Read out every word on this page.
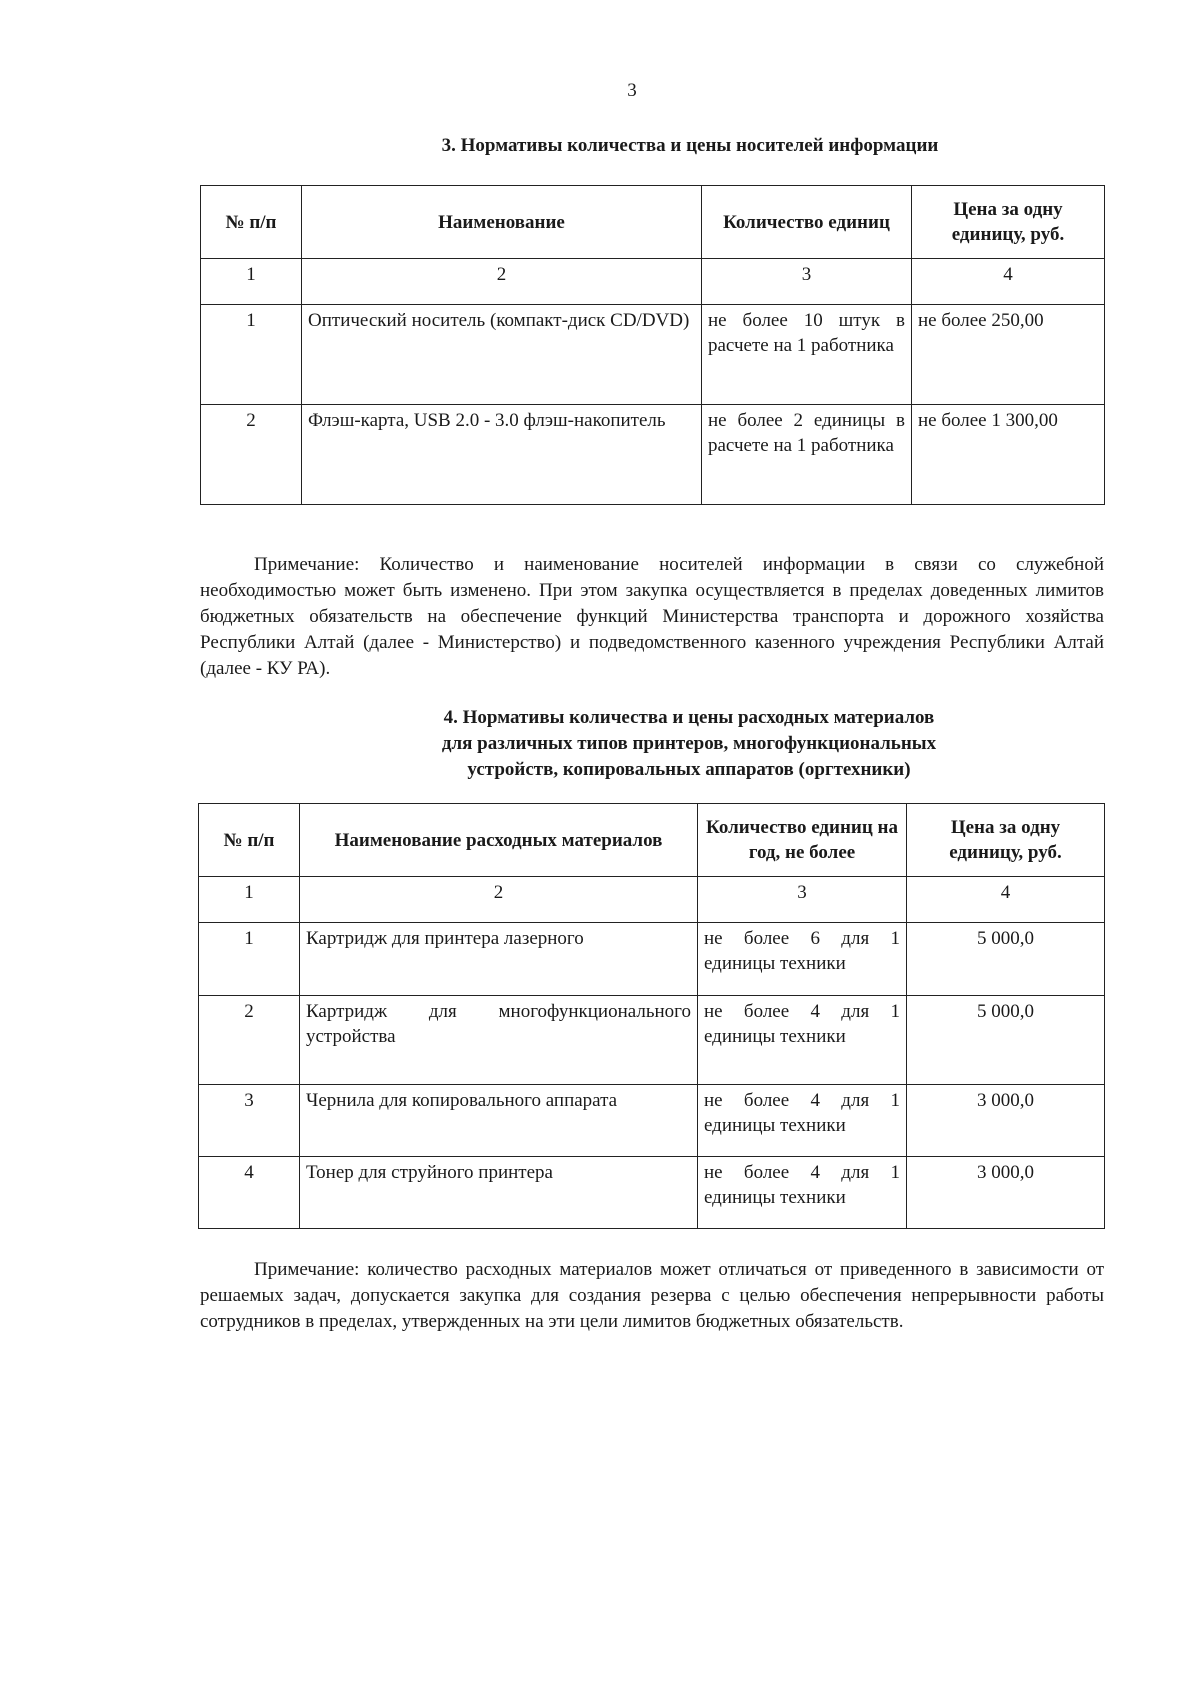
3
3. Нормативы количества и цены носителей информации
№ п/п	Наименование	Количество единиц	Цена за одну единицу, руб.
1	2	3	4
1	Оптический носитель (компакт-диск CD/DVD)	не более 10 штук в расчете на 1 работника	не более 250,00
2	Флэш-карта, USB 2.0 - 3.0 флэш-накопитель	не более 2 единицы в расчете на 1 работника	не более 1 300,00
Примечание: Количество и наименование носителей информации в связи со служебной необходимостью может быть изменено. При этом закупка осуществляется в пределах доведенных лимитов бюджетных обязательств на обеспечение функций Министерства транспорта и дорожного хозяйства Республики Алтай (далее - Министерство) и подведомственного казенного учреждения Республики Алтай (далее - КУ РА).
4. Нормативы количества и цены расходных материалов
для различных типов принтеров, многофункциональных
устройств, копировальных аппаратов (оргтехники)
№ п/п	Наименование расходных материалов	Количество единиц на год, не более	Цена за одну единицу, руб.
1	2	3	4
1	Картридж для принтера лазерного	не более 6 для 1 единицы техники	5 000,0
2	Картридж для многофункционального устройства	не более 4 для 1 единицы техники	5 000,0
3	Чернила для копировального аппарата	не более 4 для 1 единицы техники	3 000,0
4	Тонер для струйного принтера	не более 4 для 1 единицы техники	3 000,0
Примечание: количество расходных материалов может отличаться от приведенного в зависимости от решаемых задач, допускается закупка для создания резерва с целью обеспечения непрерывности работы сотрудников в пределах, утвержденных на эти цели лимитов бюджетных обязательств.
